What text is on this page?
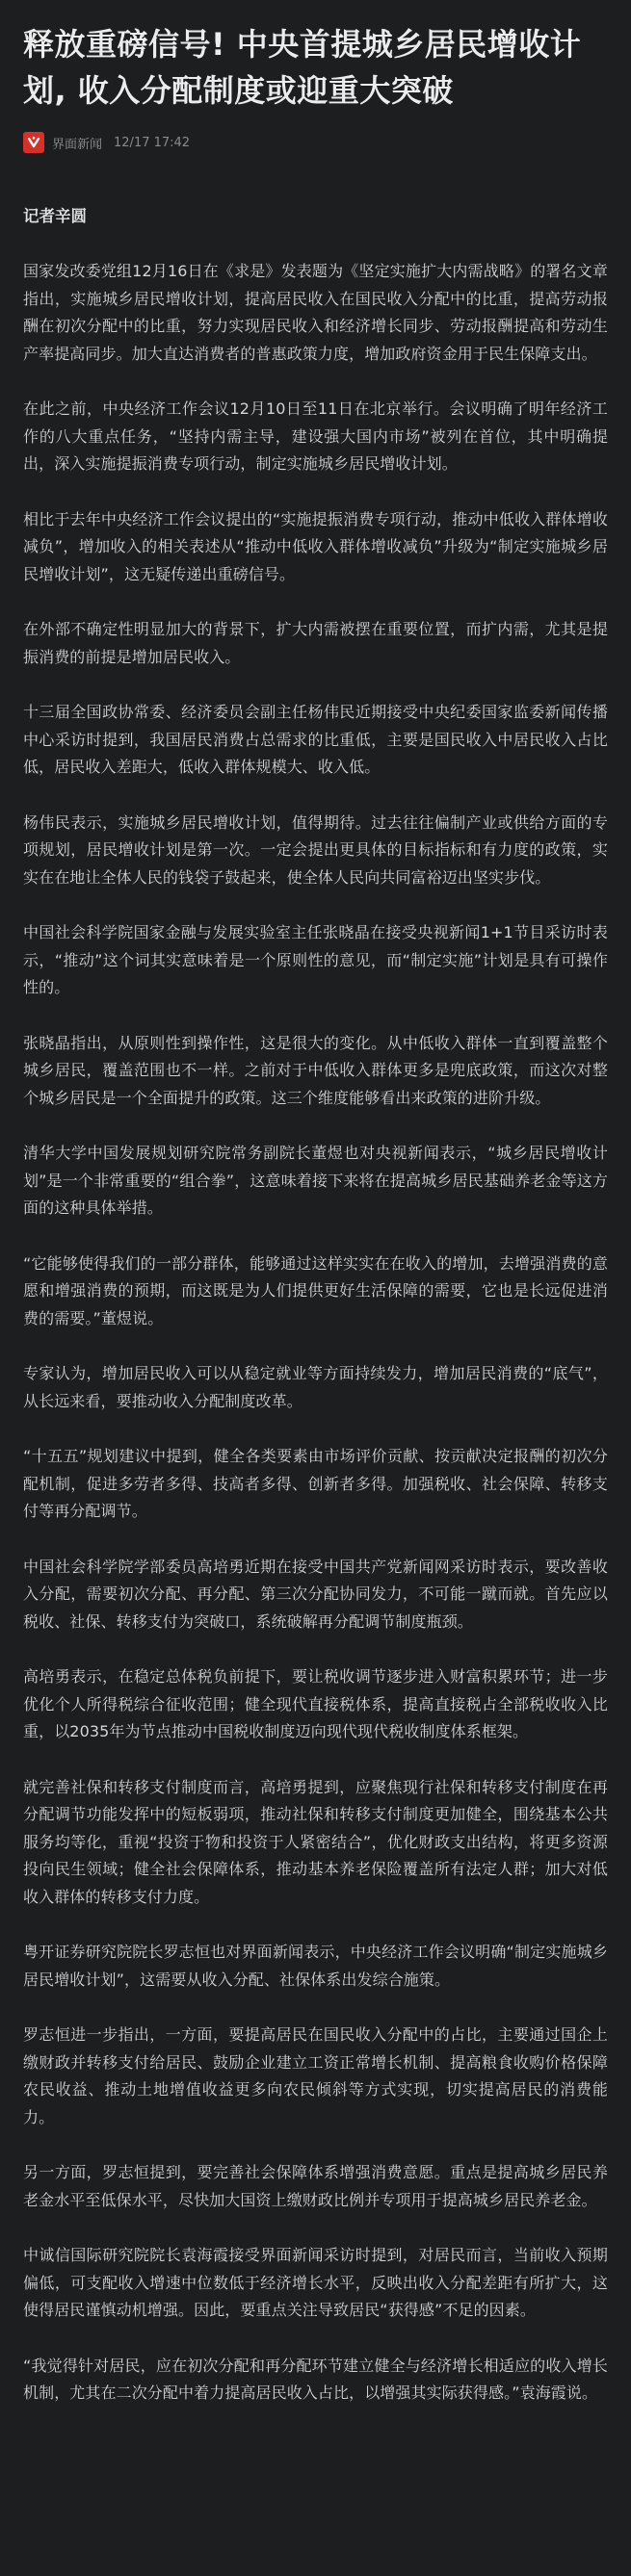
释放重磅信号! 中央首提城乡居民增收计划, 收入分配制度或迎重大突破
界面新闻 12/17 17:42
记者辛圆

国家发改委党组12月16日在《求是》发表题为《坚定实施扩大内需战略》的署名文章指出，实施城乡居民增收计划，提高居民收入在国民收入分配中的比重，提高劳动报酬在初次分配中的比重，努力实现居民收入和经济增长同步、劳动报酬提高和劳动生产率提高同步。加大直达消费者的普惠政策力度，增加政府资金用于民生保障支出。

在此之前，中央经济工作会议12月10日至11日在北京举行。会议明确了明年经济工作的八大重点任务，“坚持内需主导，建设强大国内市场”被列在首位，其中明确提出，深入实施提振消费专项行动，制定实施城乡居民增收计划。

相比于去年中央经济工作会议提出的“实施提振消费专项行动，推动中低收入群体增收减负”，增加收入的相关表述从“推动中低收入群体增收减负”升级为“制定实施城乡居民增收计划”，这无疑传递出重磅信号。

在外部不确定性明显加大的背景下，扩大内需被摆在重要位置，而扩内需，尤其是提振消费的前提是增加居民收入。

十三届全国政协常委、经济委员会副主任杨伟民近期接受中央纪委国家监委新闻传播中心采访时提到，我国居民消费占总需求的比重低，主要是国民收入中居民收入占比低，居民收入差距大，低收入群体规模大、收入低。

杨伟民表示，实施城乡居民增收计划，值得期待。过去往往偏制产业或供给方面的专项规划，居民增收计划是第一次。一定会提出更具体的目标指标和有力度的政策，实实在在地让全体人民的钱袋子鼓起来，使全体人民向共同富裕迈出坚实步伐。

中国社会科学院国家金融与发展实验室主任张晓晶在接受央视新闻1+1节目采访时表示，“推动”这个词其实意味着是一个原则性的意见，而“制定实施”计划是具有可操作性的。

张晓晶指出，从原则性到操作性，这是很大的变化。从中低收入群体一直到覆盖整个城乡居民，覆盖范围也不一样。之前对于中低收入群体更多是兜底政策，而这次对整个城乡居民是一个全面提升的政策。这三个维度能够看出来政策的进阶升级。

清华大学中国发展规划研究院常务副院长董煜也对央视新闻表示，“城乡居民增收计划”是一个非常重要的“组合拳”，这意味着接下来将在提高城乡居民基础养老金等这方面的这种具体举措。

“它能够使得我们的一部分群体，能够通过这样实实在在收入的增加，去增强消费的意愿和增强消费的预期，而这既是为人们提供更好生活保障的需要，它也是长远促进消费的需要。”董煜说。

专家认为，增加居民收入可以从稳定就业等方面持续发力，增加居民消费的“底气”，从长远来看，要推动收入分配制度改革。

“十五五”规划建议中提到，健全各类要素由市场评价贡献、按贡献决定报酬的初次分配机制，促进多劳者多得、技高者多得、创新者多得。加强税收、社会保障、转移支付等再分配调节。

中国社会科学院学部委员高培勇近期在接受中国共产党新闻网采访时表示，要改善收入分配，需要初次分配、再分配、第三次分配协同发力，不可能一蹴而就。首先应以税收、社保、转移支付为突破口，系统破解再分配调节制度瓶颈。

高培勇表示，在稳定总体税负前提下，要让税收调节逐步进入财富积累环节；进一步优化个人所得税综合征收范围；健全现代直接税体系，提高直接税占全部税收收入比重，以2035年为节点推动中国税收制度迈向现代现代税收制度体系框架。

就完善社保和转移支付制度而言，高培勇提到，应聚焦现行社保和转移支付制度在再分配调节功能发挥中的短板弱项，推动社保和转移支付制度更加健全，围绕基本公共服务均等化，重视“投资于物和投资于人紧密结合”，优化财政支出结构，将更多资源投向民生领域；健全社会保障体系，推动基本养老保险覆盖所有法定人群；加大对低收入群体的转移支付力度。

粤开证券研究院院长罗志恒也对界面新闻表示，中央经济工作会议明确“制定实施城乡居民增收计划”，这需要从收入分配、社保体系出发综合施策。

罗志恒进一步指出，一方面，要提高居民在国民收入分配中的占比，主要通过国企上缴财政并转移支付给居民、鼓励企业建立工资正常增长机制、提高粮食收购价格保障农民收益、推动土地增值收益更多向农民倾斜等方式实现，切实提高居民的消费能力。

另一方面，罗志恒提到，要完善社会保障体系增强消费意愿。重点是提高城乡居民养老金水平至低保水平，尽快加大国资上缴财政比例并专项用于提高城乡居民养老金。

中诚信国际研究院院长袁海霞接受界面新闻采访时提到，对居民而言，当前收入预期偏低，可支配收入增速中位数低于经济增长水平，反映出收入分配差距有所扩大，这使得居民谨慎动机增强。因此，要重点关注导致居民“获得感”不足的因素。

“我觉得针对居民，应在初次分配和再分配环节建立健全与经济增长相适应的收入增长机制，尤其在二次分配中着力提高居民收入占比，以增强其实际获得感。”袁海霞说。
